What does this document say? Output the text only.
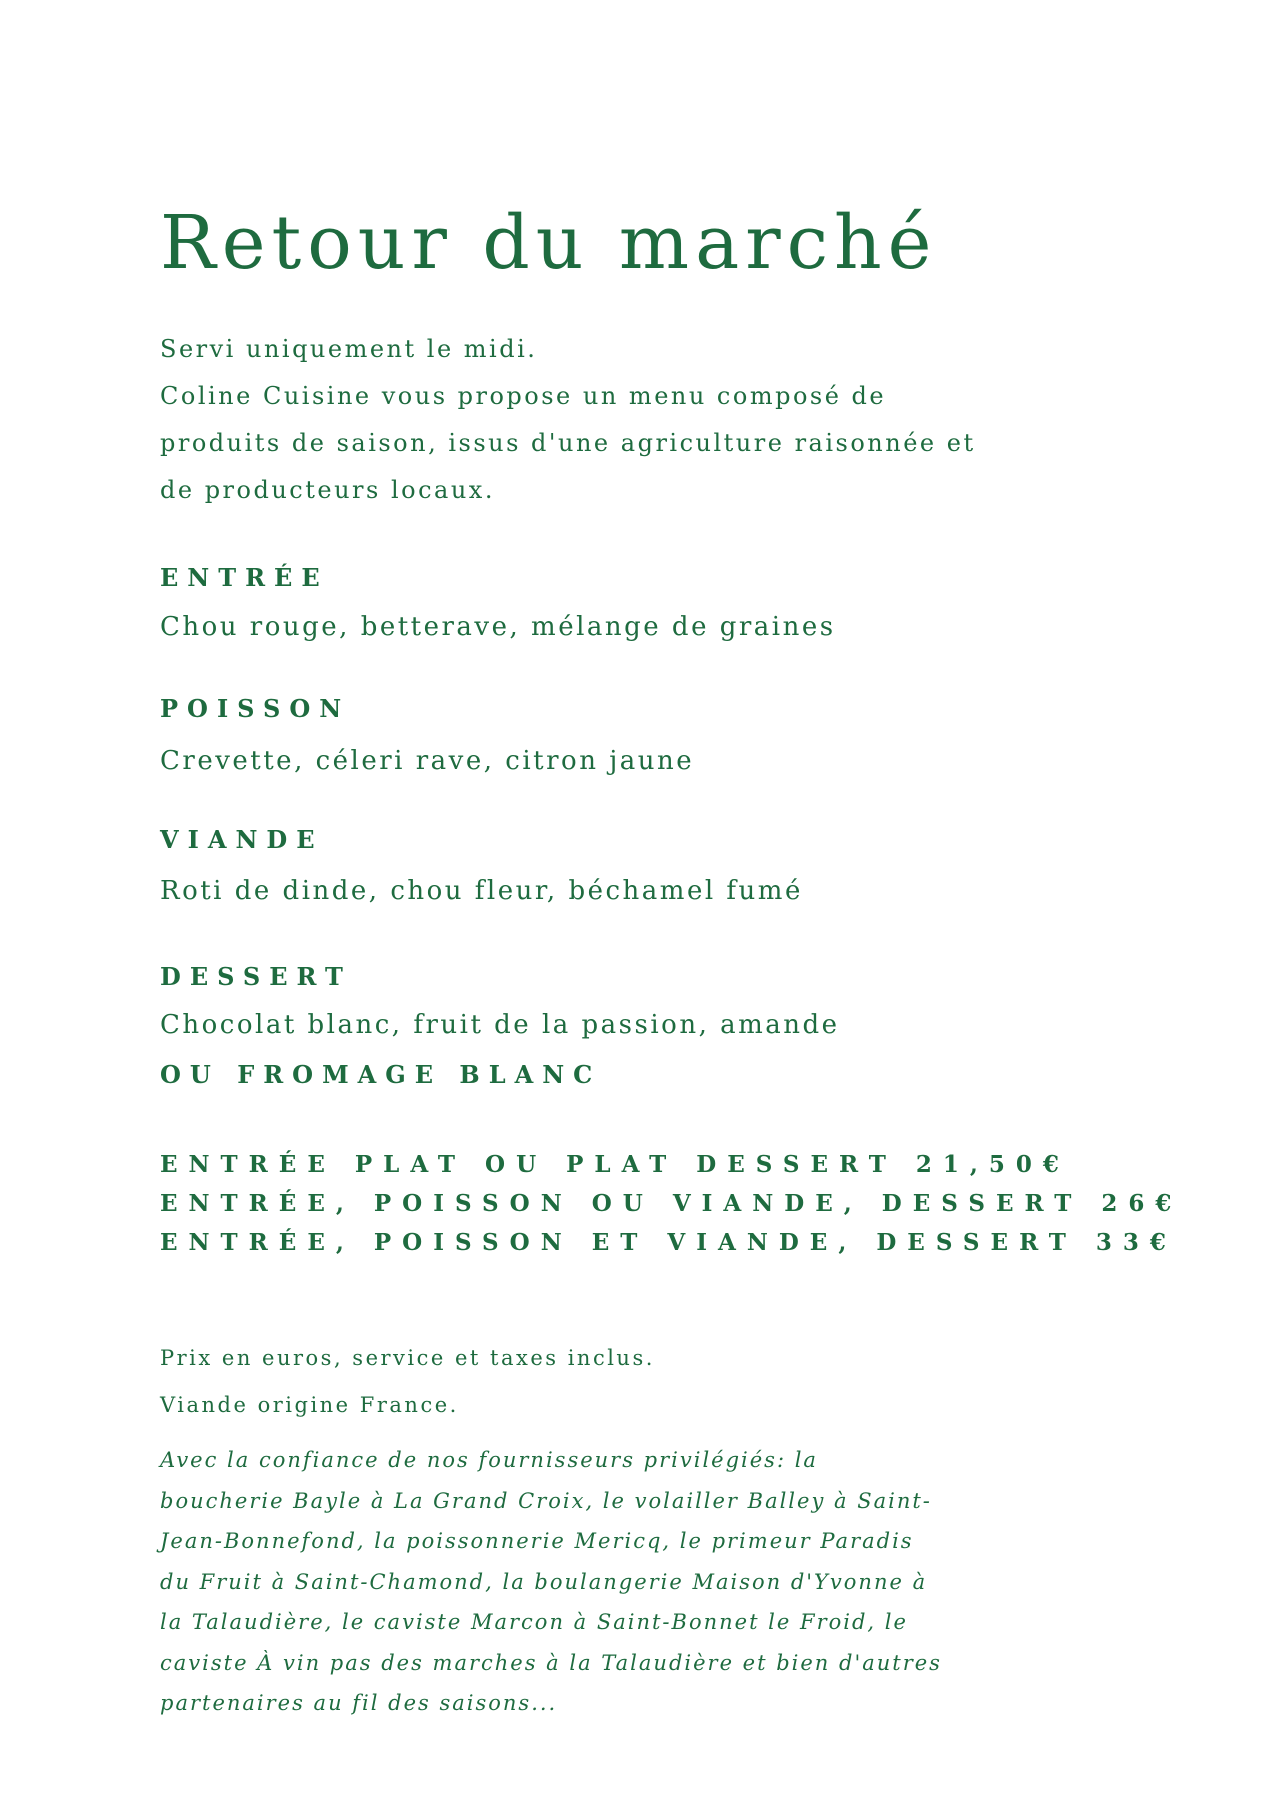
Retour du marché
Servi uniquement le midi.
Coline Cuisine vous propose un menu composé de
produits de saison, issus d'une agriculture raisonnée et
de producteurs locaux.
ENTRÉE
Chou rouge, betterave, mélange de graines
POISSON
Crevette, céleri rave, citron jaune
VIANDE
Roti de dinde, chou fleur, béchamel fumé
DESSERT
Chocolat blanc, fruit de la passion, amande
OU FROMAGE BLANC
ENTRÉE PLAT OU PLAT DESSERT 21,50€
ENTRÉE, POISSON OU VIANDE, DESSERT 26€
ENTRÉE, POISSON ET VIANDE, DESSERT 33€
Prix en euros, service et taxes inclus.
Viande origine France.
Avec la confiance de nos fournisseurs privilégiés: la boucherie Bayle à La Grand Croix, le volailler Balley à Saint-Jean-Bonnefond, la poissonnerie Mericq, le primeur Paradis du Fruit à Saint-Chamond, la boulangerie Maison d'Yvonne à la Talaudière, le caviste Marcon à Saint-Bonnet le Froid, le caviste À vin pas des marches à la Talaudière et bien d'autres partenaires au fil des saisons...
